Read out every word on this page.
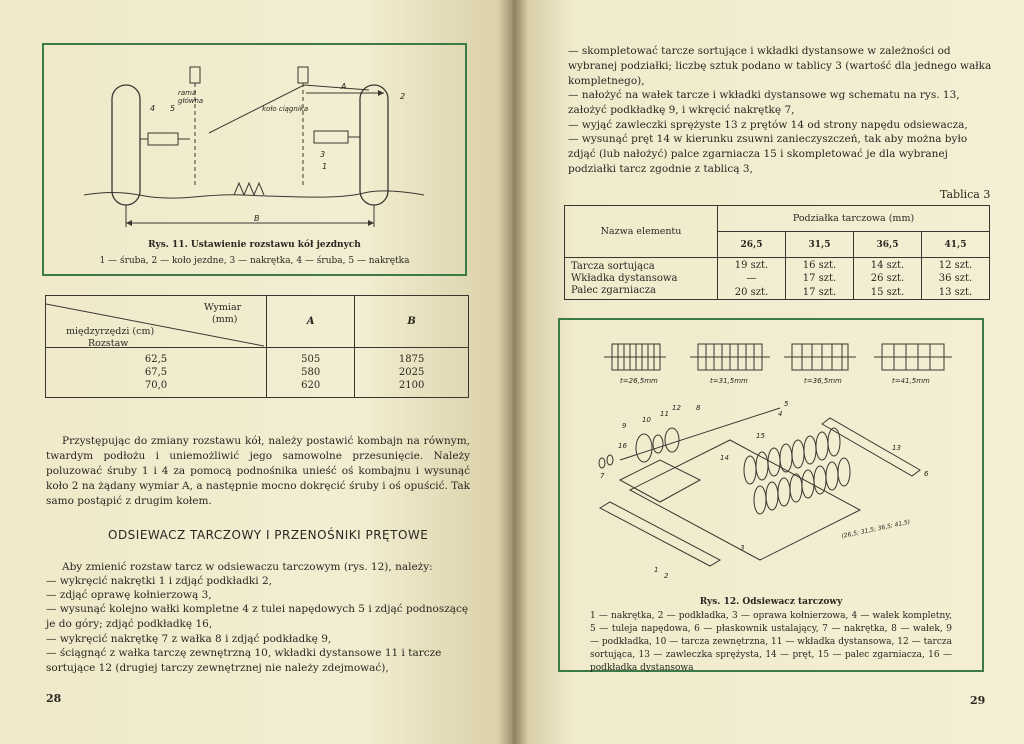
rama
główna
koło ciągnika
A
B
1
2
3
4 5
Rys. 11. Ustawienie rozstawu kół jezdnych
1 — śruba, 2 — koło jezdne, 3 — nakrętka, 4 — śruba, 5 — nakrętka
Wymiar
(mm)
międzyrzędzi (cm)
Rozstaw	A	B
62,5	505	1875
67,5	580	2025
70,0	620	2100
Przystępując do zmiany rozstawu kół, należy postawić kombajn na równym, twardym podłożu i uniemożliwić jego samowolne przesunięcie. Należy poluzować śruby 1 i 4 za pomocą podnośnika unieść oś kombajnu i wysunąć koło 2 na żądany wymiar A, a następnie mocno dokręcić śruby i oś opuścić. Tak samo postąpić z drugim kołem.
ODSIEWACZ TARCZOWY I PRZENOŚNIKI PRĘTOWE
Aby zmienić rozstaw tarcz w odsiewaczu tarczowym (rys. 12), należy:
— wykręcić nakrętki 1 i zdjąć podkładki 2,
— zdjąć oprawę kołnierzową 3,
— wysunąć kolejno wałki kompletne 4 z tulei napędowych 5 i zdjąć podnoszącę je do góry; zdjąć podkładkę 16,
— wykręcić nakrętkę 7 z wałka 8 i zdjąć podkładkę 9,
— ściągnąć z wałka tarczę zewnętrzną 10, wkładki dystansowe 11 i tarcze sortujące 12 (drugiej tarczy zewnętrznej nie należy zdejmować),
28
— skompletować tarcze sortujące i wkładki dystansowe w zależności od wybranej podziałki; liczbę sztuk podano w tablicy 3 (wartość dla jednego wałka kompletnego),
— nałożyć na wałek tarcze i wkładki dystansowe wg schematu na rys. 13, założyć podkładkę 9, i wkręcić nakrętkę 7,
— wyjąć zawleczki sprężyste 13 z prętów 14 od strony napędu odsiewacza,
— wysunąć pręt 14 w kierunku zsuwni zanieczyszczeń, tak aby można było zdjąć (lub nałożyć) palce zgarniacza 15 i skompletować je dla wybranej podziałki tarcz zgodnie z tablicą 3,
Tablica 3
Nazwa elementu	Podziałka tarczowa (mm)			
	26,5	31,5	36,5	41,5
Tarcza sortująca	19 szt.	16 szt.	14 szt.	12 szt.
Wkładka dystansowa	—	17 szt.	26 szt.	36 szt.
Palec zgarniacza	20 szt.	17 szt.	15 szt.	13 szt.
t=26,5mm	t=31,5mm	t=36,5mm	t=41,5mm
(26,5; 31,5; 36,5; 41,5)
1
2
3
4
5
6
7
8
9
10
11
12
13
14
15
16
Rys. 12. Odsiewacz tarczowy
1 — nakrętka, 2 — podkładka, 3 — oprawa kołnierzowa, 4 — wałek kompletny, 5 — tuleja napędowa, 6 — płaskownik ustalający, 7 — nakrętka, 8 — wałek, 9 — podkładka, 10 — tarcza zewnętrzna, 11 — wkładka dystansowa, 12 — tarcza sortująca, 13 — zawleczka sprężysta, 14 — pręt, 15 — palec zgarniacza, 16 — podkładka dystansowa
29
